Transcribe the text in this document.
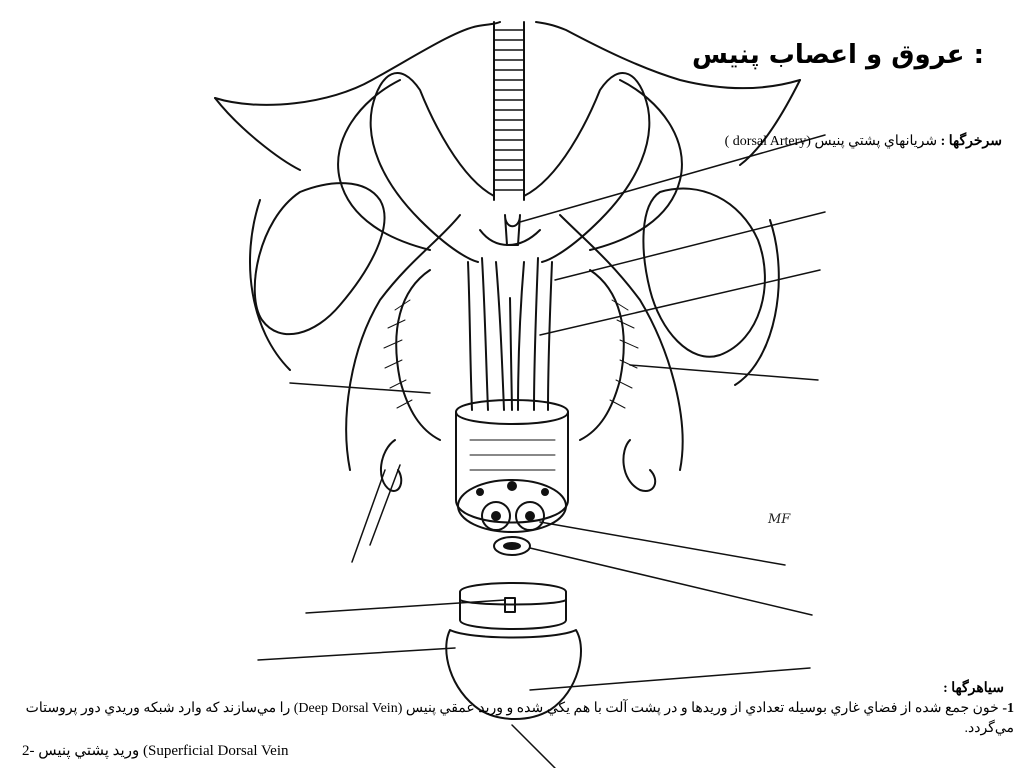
MF
: عروق و اعصاب پنيس
سرخرگها : شريانهاي پشتي پنيس (dorsal Artery )
سياهرگها :
1- خون جمع شده از فضاي غاري بوسيله تعدادي از وريدها و در پشت آلت با هم يكي شده و وريد عمقي پنيس (Deep Dorsal Vein) را مي‌سازند كه وارد شبكه وريدي دور پروستات مي‌گردد.
2- وريد پشتي پنيس (Superficial Dorsal Vein
